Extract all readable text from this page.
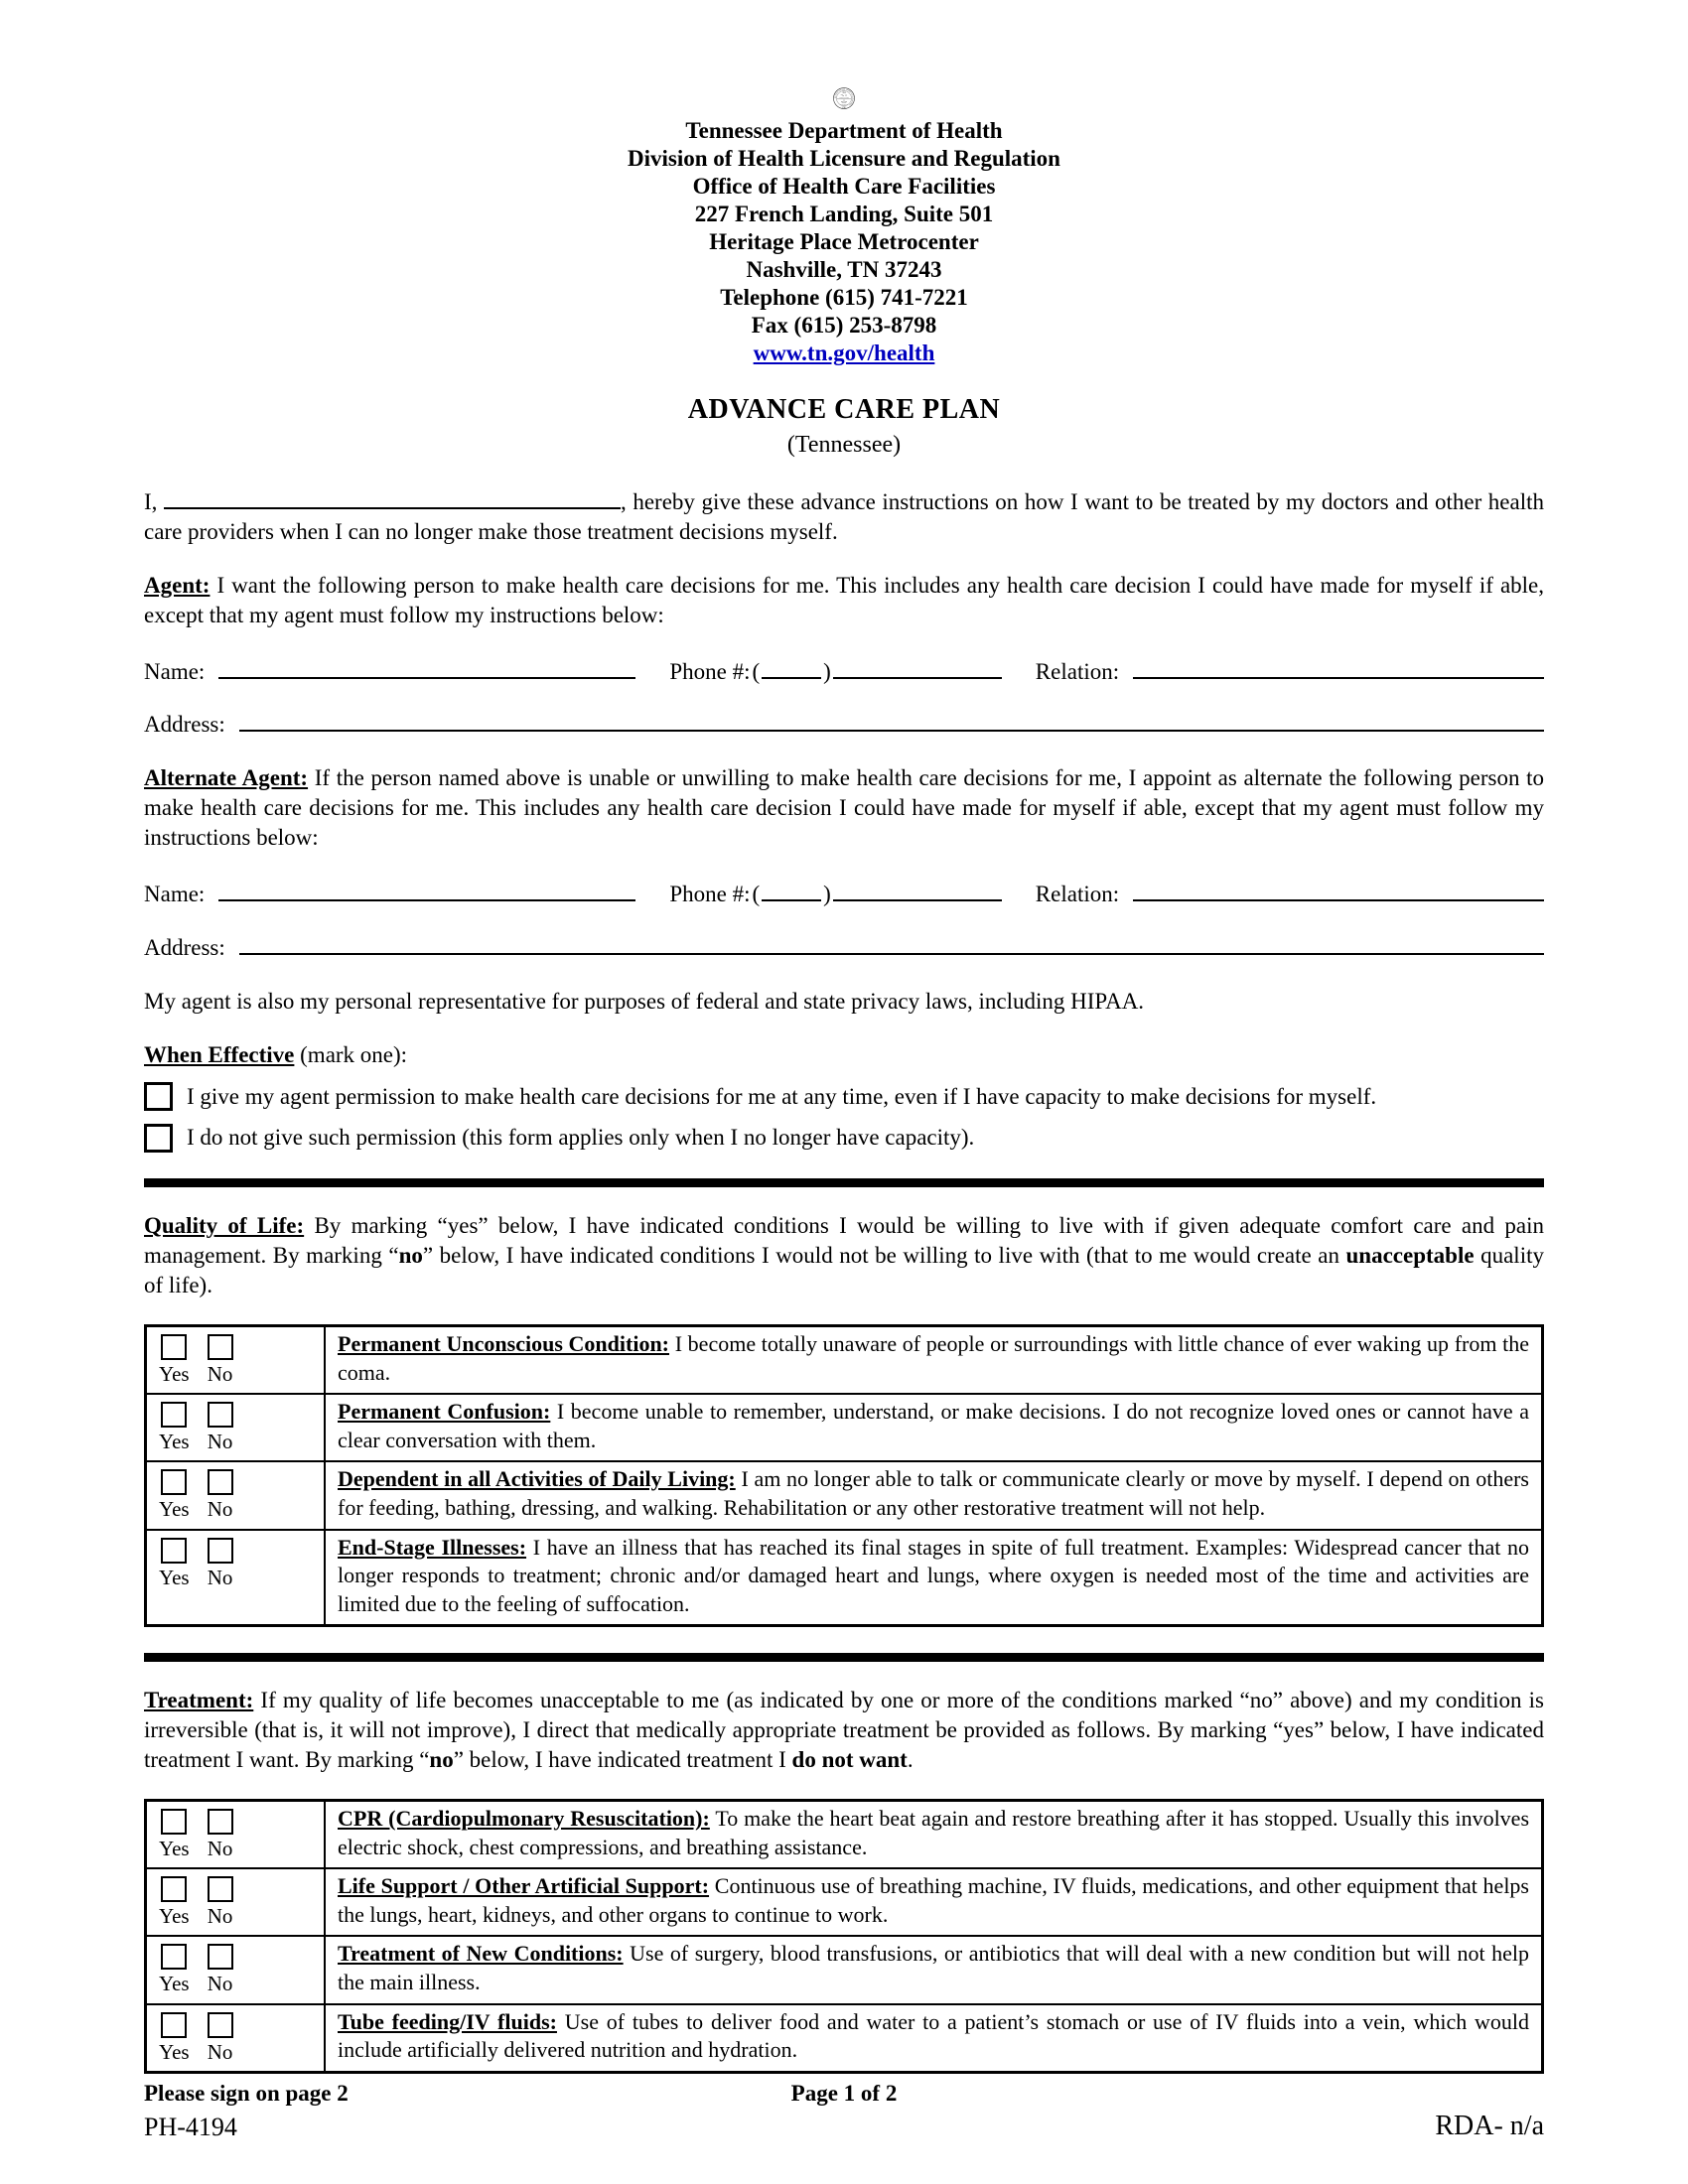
THE GREAT SEAL OF THE STATE OF TENNESSEE
1796
XVI
AGRICULTURE
COMMERCE
Tennessee Department of Health
Division of Health Licensure and Regulation
Office of Health Care Facilities
227 French Landing, Suite 501
Heritage Place Metrocenter
Nashville, TN 37243
Telephone (615) 741-7221
Fax (615) 253-8798
www.tn.gov/health
ADVANCE CARE PLAN
(Tennessee)
I,	, hereby give these advance instructions on how I want to be treated by my doctors and other health care providers when I can no longer make those treatment decisions myself.
Agent: I want the following person to make health care decisions for me. This includes any health care decision I could have made for myself if able, except that my agent must follow my instructions below:
Name:	Phone #: (	)	Relation:
Address:
Alternate Agent: If the person named above is unable or unwilling to make health care decisions for me, I appoint as alternate the following person to make health care decisions for me. This includes any health care decision I could have made for myself if able, except that my agent must follow my instructions below:
Name:	Phone #: (	)	Relation:
Address:
My agent is also my personal representative for purposes of federal and state privacy laws, including HIPAA.
When Effective (mark one):
I give my agent permission to make health care decisions for me at any time, even if I have capacity to make decisions for myself.
I do not give such permission (this form applies only when I no longer have capacity).
Quality of Life: By marking “yes” below, I have indicated conditions I would be willing to live with if given adequate comfort care and pain management. By marking “no” below, I have indicated conditions I would not be willing to live with (that to me would create an unacceptable quality of life).
Yes No	Permanent Unconscious Condition: I become totally unaware of people or surroundings with little chance of ever waking up from the coma.

Yes No	Permanent Confusion: I become unable to remember, understand, or make decisions. I do not recognize loved ones or cannot have a clear conversation with them.

Yes No	Dependent in all Activities of Daily Living: I am no longer able to talk or communicate clearly or move by myself. I depend on others for feeding, bathing, dressing, and walking. Rehabilitation or any other restorative treatment will not help.

Yes No	End-Stage Illnesses: I have an illness that has reached its final stages in spite of full treatment. Examples: Widespread cancer that no longer responds to treatment; chronic and/or damaged heart and lungs, where oxygen is needed most of the time and activities are limited due to the feeling of suffocation.
Treatment: If my quality of life becomes unacceptable to me (as indicated by one or more of the conditions marked “no” above) and my condition is irreversible (that is, it will not improve), I direct that medically appropriate treatment be provided as follows. By marking “yes” below, I have indicated treatment I want. By marking “no” below, I have indicated treatment I do not want.
Yes No	CPR (Cardiopulmonary Resuscitation): To make the heart beat again and restore breathing after it has stopped. Usually this involves electric shock, chest compressions, and breathing assistance.

Yes No	Life Support / Other Artificial Support: Continuous use of breathing machine, IV fluids, medications, and other equipment that helps the lungs, heart, kidneys, and other organs to continue to work.

Yes No	Treatment of New Conditions: Use of surgery, blood transfusions, or antibiotics that will deal with a new condition but will not help the main illness.

Yes No	Tube feeding/IV fluids: Use of tubes to deliver food and water to a patient’s stomach or use of IV fluids into a vein, which would include artificially delivered nutrition and hydration.
Please sign on page 2	Page 1 of 2
PH-4194	RDA- n/a
